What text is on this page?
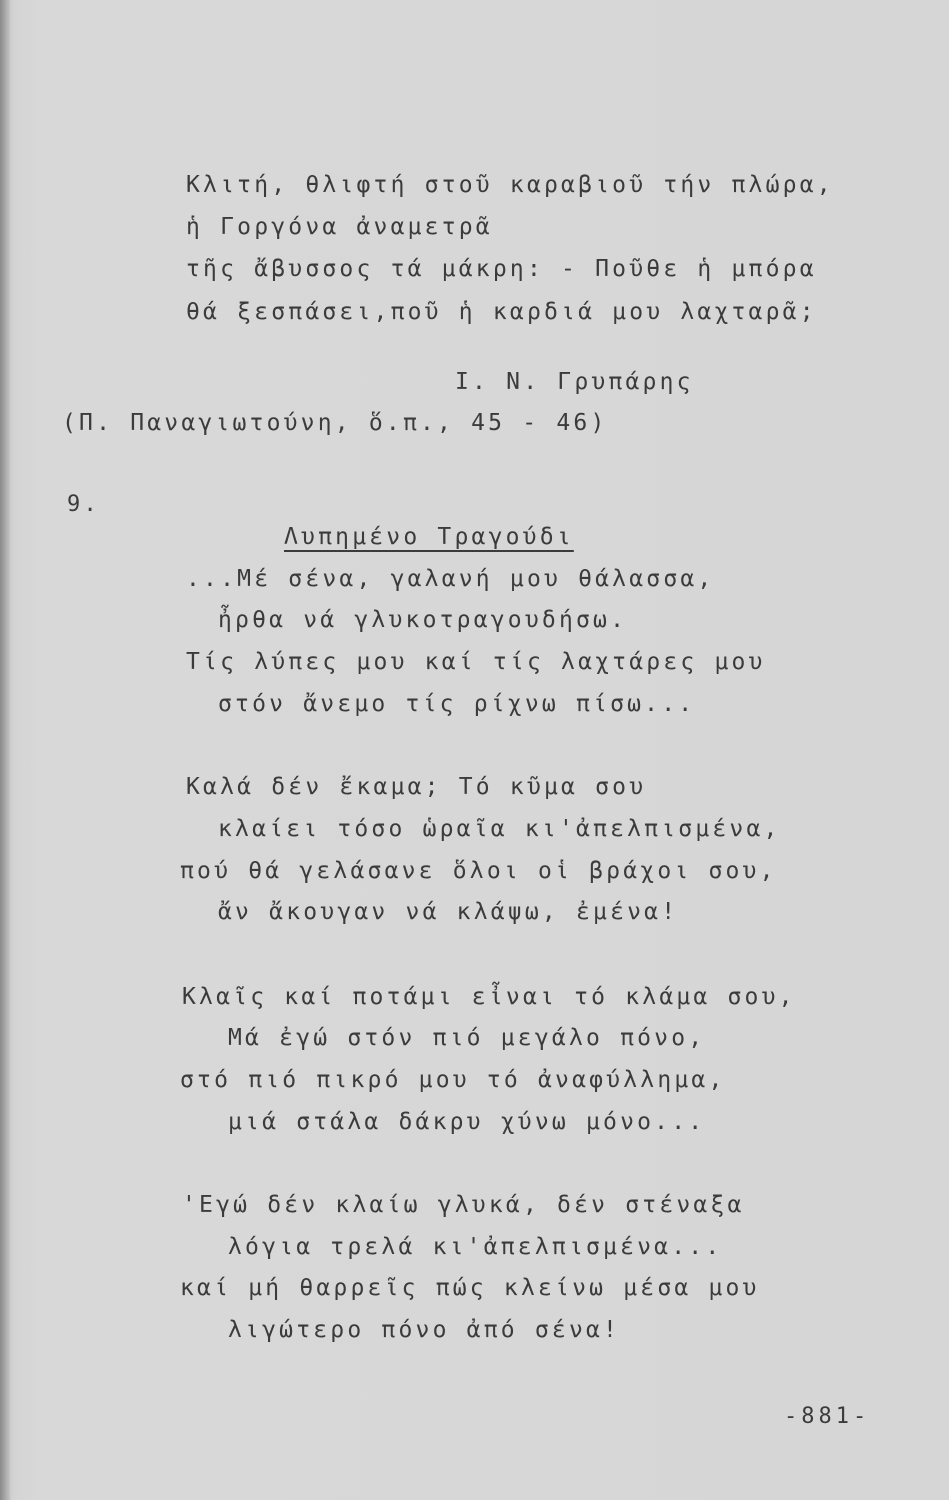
Κλιτή, θλιφτή στοῦ καραβιοῦ τήν πλώρα,
ἡ Γοργόνα ἀναμετρᾶ
τῆς ἄβυσσος τά μάκρη: - Ποῦθε ἡ μπόρα
θά ξεσπάσει,ποῦ ἡ καρδιά μου λαχταρᾶ;
Ι. Ν. Γρυπάρης
(Π. Παναγιωτούνη, ὅ.π., 45 - 46)
9.
Λυπημένο Τραγούδι
...Μέ σένα, γαλανή μου θάλασσα,
ἦρθα νά γλυκοτραγουδήσω.
Τίς λύπες μου καί τίς λαχτάρες μου
στόν ἄνεμο τίς ρίχνω πίσω...
Καλά δέν ἔκαμα; Τό κῦμα σου
κλαίει τόσο ὡραῖα κι'ἀπελπισμένα,
πού θά γελάσανε ὅλοι οἱ βράχοι σου,
ἄν ἄκουγαν νά κλάψω, ἐμένα!
Κλαῖς καί ποτάμι εἶναι τό κλάμα σου,
Μά ἐγώ στόν πιό μεγάλο πόνο,
στό πιό πικρό μου τό ἀναφύλλημα,
μιά στάλα δάκρυ χύνω μόνο...
'Εγώ δέν κλαίω γλυκά, δέν στέναξα
λόγια τρελά κι'ἀπελπισμένα...
καί μή θαρρεῖς πώς κλείνω μέσα μου
λιγώτερο πόνο ἀπό σένα!
-881-
